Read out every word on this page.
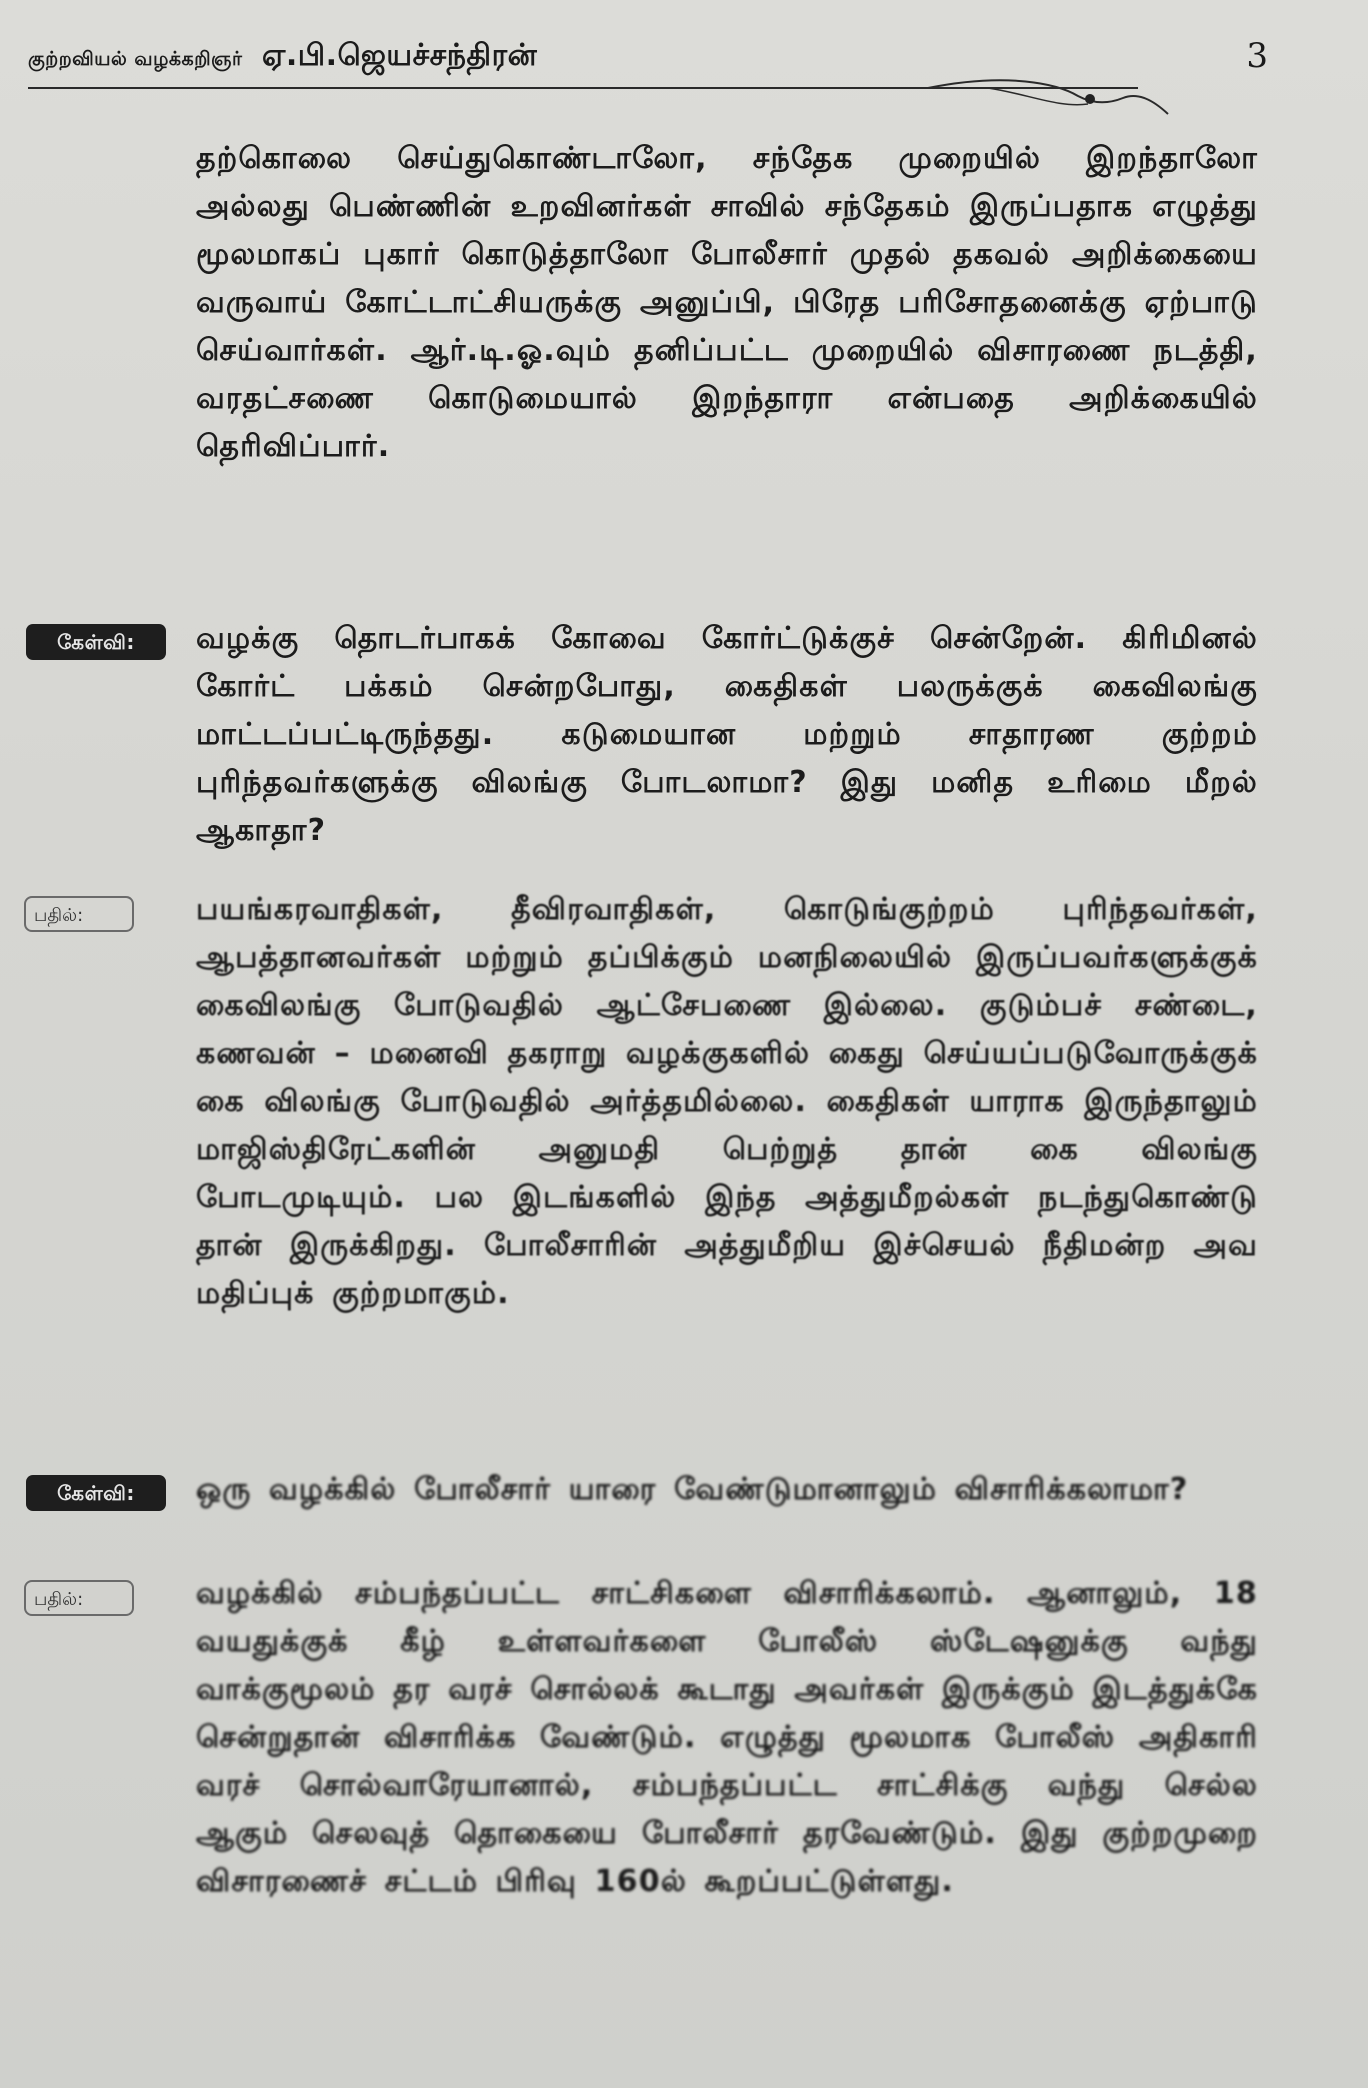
குற்றவியல் வழக்கறிஞர் ஏ.பி.ஜெயச்சந்திரன்	3
தற்கொலை செய்துகொண்டாலோ, சந்தேக முறையில் இறந்தாலோ அல்லது பெண்ணின் உறவினர்கள் சாவில் சந்தேகம் இருப்பதாக எழுத்து மூலமாகப் புகார் கொடுத்தாலோ போலீசார் முதல் தகவல் அறிக்கையை வருவாய் கோட்டாட்சியருக்கு அனுப்பி, பிரேத பரிசோதனைக்கு ஏற்பாடு செய்வார்கள். ஆர்.டி.ஓ.வும் தனிப்பட்ட முறையில் விசாரணை நடத்தி, வரதட்சணை கொடுமையால் இறந்தாரா என்பதை அறிக்கையில் தெரிவிப்பார்.
கேள்வி:	வழக்கு தொடர்பாகக் கோவை கோர்ட்டுக்குச் சென்றேன். கிரிமினல் கோர்ட் பக்கம் சென்றபோது, கைதிகள் பலருக்குக் கைவிலங்கு மாட்டப்பட்டிருந்தது. கடுமையான மற்றும் சாதாரண குற்றம் புரிந்தவர்களுக்கு விலங்கு போடலாமா? இது மனித உரிமை மீறல் ஆகாதா?
பதில்:	பயங்கரவாதிகள், தீவிரவாதிகள், கொடுங்குற்றம் புரிந்தவர்கள், ஆபத்தானவர்கள் மற்றும் தப்பிக்கும் மனநிலையில் இருப்பவர்களுக்குக் கைவிலங்கு போடுவதில் ஆட்சேபணை இல்லை. குடும்பச் சண்டை, கணவன் – மனைவி தகராறு வழக்குகளில் கைது செய்யப்படுவோருக்குக் கை விலங்கு போடுவதில் அர்த்தமில்லை. கைதிகள் யாராக இருந்தாலும் மாஜிஸ்திரேட்களின் அனுமதி பெற்றுத் தான் கை விலங்கு போடமுடியும். பல இடங்களில் இந்த அத்துமீறல்கள் நடந்துகொண்டு தான் இருக்கிறது. போலீசாரின் அத்துமீறிய இச்செயல் நீதிமன்ற அவ மதிப்புக் குற்றமாகும்.
கேள்வி:	ஒரு வழக்கில் போலீசார் யாரை வேண்டுமானாலும் விசாரிக்கலாமா?
பதில்:	வழக்கில் சம்பந்தப்பட்ட சாட்சிகளை விசாரிக்கலாம். ஆனாலும், 18 வயதுக்குக் கீழ் உள்ளவர்களை போலீஸ் ஸ்டேஷனுக்கு வந்து வாக்குமூலம் தர வரச் சொல்லக் கூடாது அவர்கள் இருக்கும் இடத்துக்கே சென்றுதான் விசாரிக்க வேண்டும். எழுத்து மூலமாக போலீஸ் அதிகாரி வரச் சொல்வாரேயானால், சம்பந்தப்பட்ட சாட்சிக்கு வந்து செல்ல ஆகும் செலவுத் தொகையை போலீசார் தரவேண்டும். இது குற்றமுறை விசாரணைச் சட்டம் பிரிவு 160ல் கூறப்பட்டுள்ளது.
